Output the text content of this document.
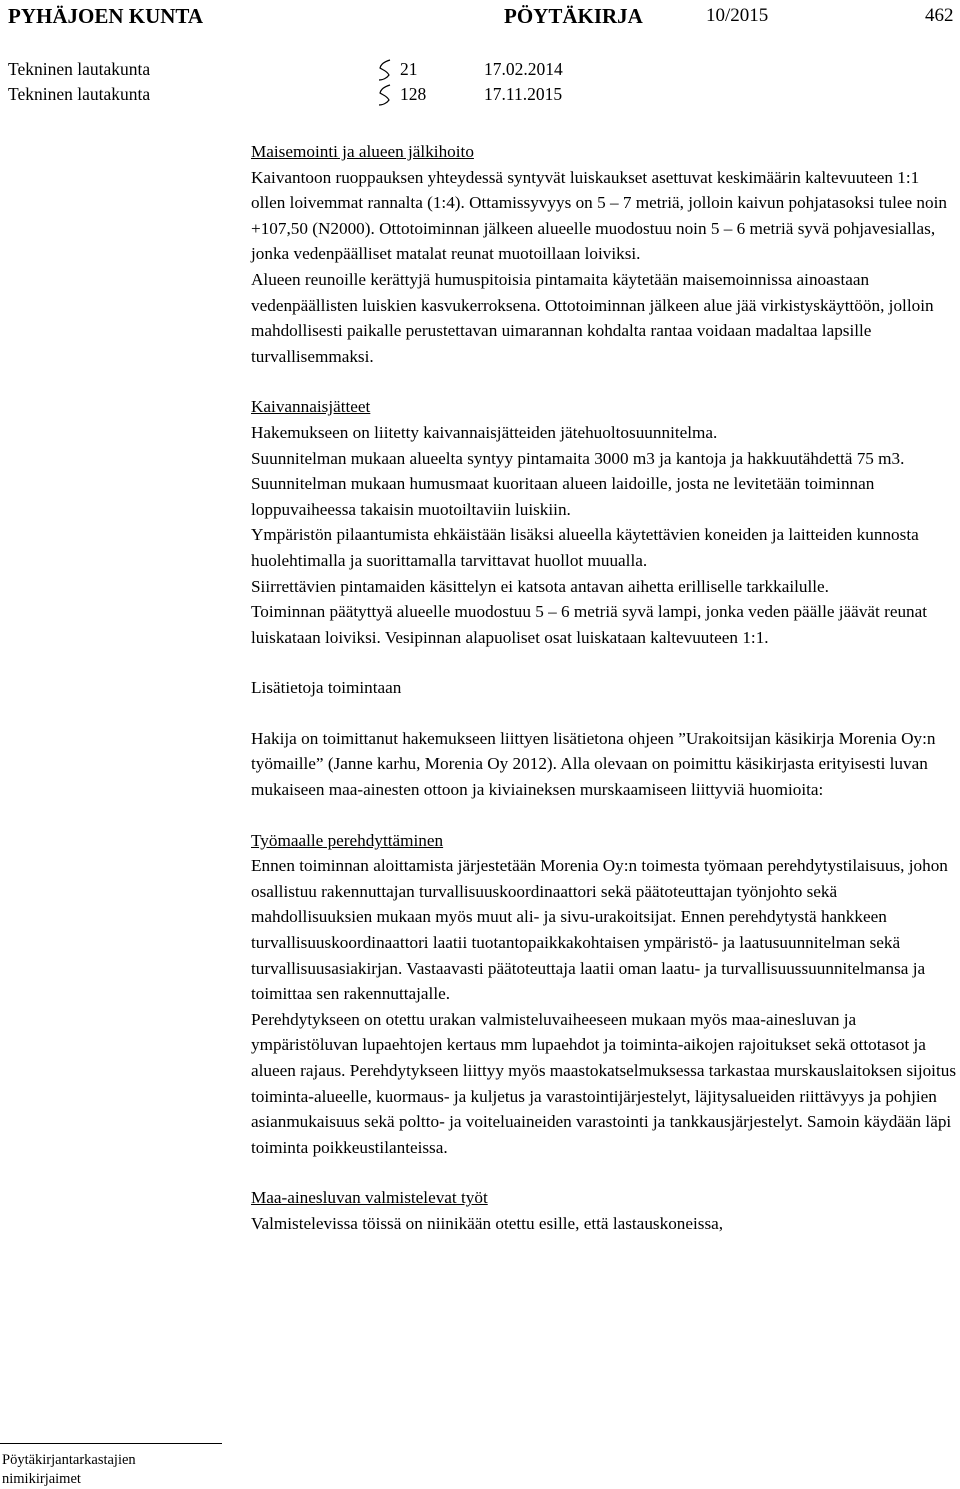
PYHÄJOEN KUNTA	PÖYTÄKIRJA	10/2015	462
Tekninen lautakunta	21	17.02.2014
Tekninen lautakunta	128	17.11.2015

Maisemointi ja alueen jälkihoito

Kaivantoon ruoppauksen yhteydessä syntyvät luiskaukset asettuvat keskimäärin kaltevuuteen 1:1 ollen loivemmat rannalta (1:4). Ottamissyvyys on 5 – 7 metriä, jolloin kaivun pohjatasoksi tulee noin +107,50 (N2000). Ottotoiminnan jälkeen alueelle muodostuu noin 5 – 6 metriä syvä pohjavesiallas, jonka vedenpäälliset matalat reunat muotoillaan loiviksi.

Alueen reunoille kerättyjä humuspitoisia pintamaita käytetään maisemoinnissa ainoastaan vedenpäällisten luiskien kasvukerroksena. Ottotoiminnan jälkeen alue jää virkistyskäyttöön, jolloin mahdollisesti paikalle perustettavan uimarannan kohdalta rantaa voidaan madaltaa lapsille turvallisemmaksi.

Kaivannaisjätteet

Hakemukseen on liitetty kaivannaisjätteiden jätehuoltosuunnitelma.

Suunnitelman mukaan alueelta syntyy pintamaita 3000 m3 ja kantoja ja hakkuutähdettä 75 m3.

Suunnitelman mukaan humusmaat kuoritaan alueen laidoille, josta ne levitetään toiminnan loppuvaiheessa takaisin muotoiltaviin luiskiin.

Ympäristön pilaantumista ehkäistään lisäksi alueella käytettävien koneiden ja laitteiden kunnosta huolehtimalla ja suorittamalla tarvittavat huollot muualla.

Siirrettävien pintamaiden käsittelyn ei katsota antavan aihetta erilliselle tarkkailulle.

Toiminnan päätyttyä alueelle muodostuu 5 – 6 metriä syvä lampi, jonka veden päälle jäävät reunat luiskataan loiviksi. Vesipinnan alapuoliset osat luiskataan kaltevuuteen 1:1.

Lisätietoja toimintaan

Hakija on toimittanut hakemukseen liittyen lisätietona ohjeen ”Urakoitsijan käsikirja Morenia Oy:n työmaille” (Janne karhu, Morenia Oy 2012). Alla olevaan on poimittu käsikirjasta erityisesti luvan mukaiseen maa-ainesten ottoon ja kiviaineksen murskaamiseen liittyviä huomioita:

Työmaalle perehdyttäminen

Ennen toiminnan aloittamista järjestetään Morenia Oy:n toimesta työmaan perehdytystilaisuus, johon osallistuu rakennuttajan turvallisuuskoordinaattori sekä päätoteuttajan työnjohto sekä mahdollisuuksien mukaan myös muut ali- ja sivu-urakoitsijat. Ennen perehdytystä hankkeen turvallisuuskoordinaattori laatii tuotantopaikkakohtaisen ympäristö- ja laatusuunnitelman sekä turvallisuusasiakirjan. Vastaavasti päätoteuttaja laatii oman laatu- ja turvallisuussuunnitelmansa ja toimittaa sen rakennuttajalle.

Perehdytykseen on otettu urakan valmisteluvaiheeseen mukaan myös maa-ainesluvan ja ympäristöluvan lupaehtojen kertaus mm lupaehdot ja toiminta-aikojen rajoitukset sekä ottotasot ja alueen rajaus. Perehdytykseen liittyy myös maastokatselmuksessa tarkastaa murskauslaitoksen sijoitus toiminta-alueelle, kuormaus- ja kuljetus ja varastointijärjestelyt, läjitysalueiden riittävyys ja pohjien asianmukaisuus sekä poltto- ja voiteluaineiden varastointi ja tankkausjärjestelyt. Samoin käydään läpi toiminta poikkeustilanteissa.

Maa-ainesluvan valmistelevat työt

Valmistelevissa töissä on niinikään otettu esille, että lastauskoneissa,

Pöytäkirjantarkastajien
nimikirjaimet
